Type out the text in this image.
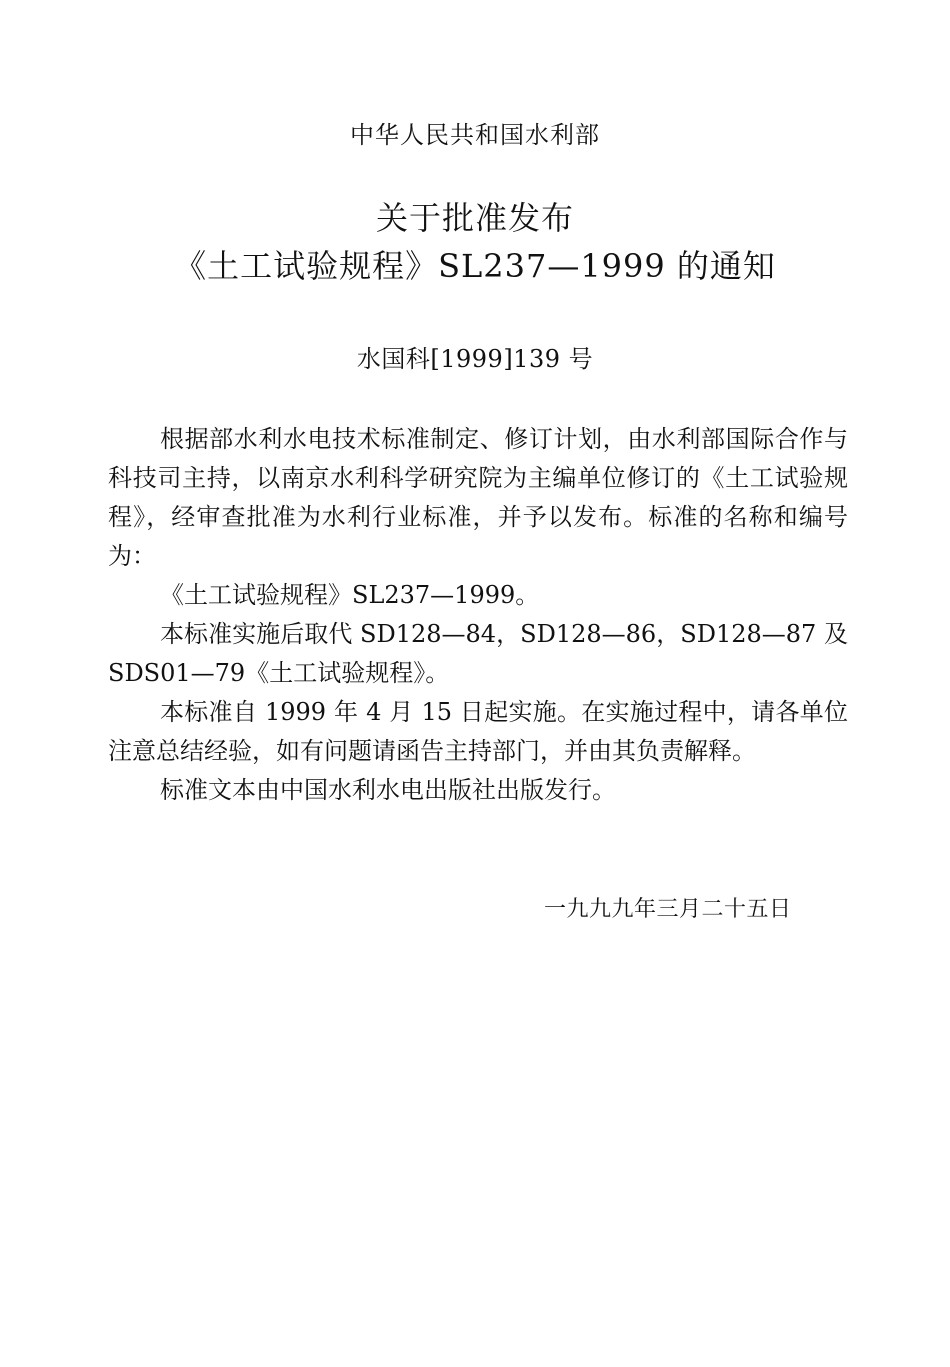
中华人民共和国水利部
关于批准发布
《土工试验规程》SL237—1999 的通知
水国科[1999]139 号

根据部水利水电技术标准制定、修订计划，由水利部国际合作与科技司主持，以南京水利科学研究院为主编单位修订的《土工试验规程》，经审查批准为水利行业标准，并予以发布。标准的名称和编号为：

《土工试验规程》SL237—1999。

本标准实施后取代 SD128—84，SD128—86，SD128—87 及 SDS01—79《土工试验规程》。

本标准自 1999 年 4 月 15 日起实施。在实施过程中，请各单位注意总结经验，如有问题请函告主持部门，并由其负责解释。

标准文本由中国水利水电出版社出版发行。

一九九九年三月二十五日
